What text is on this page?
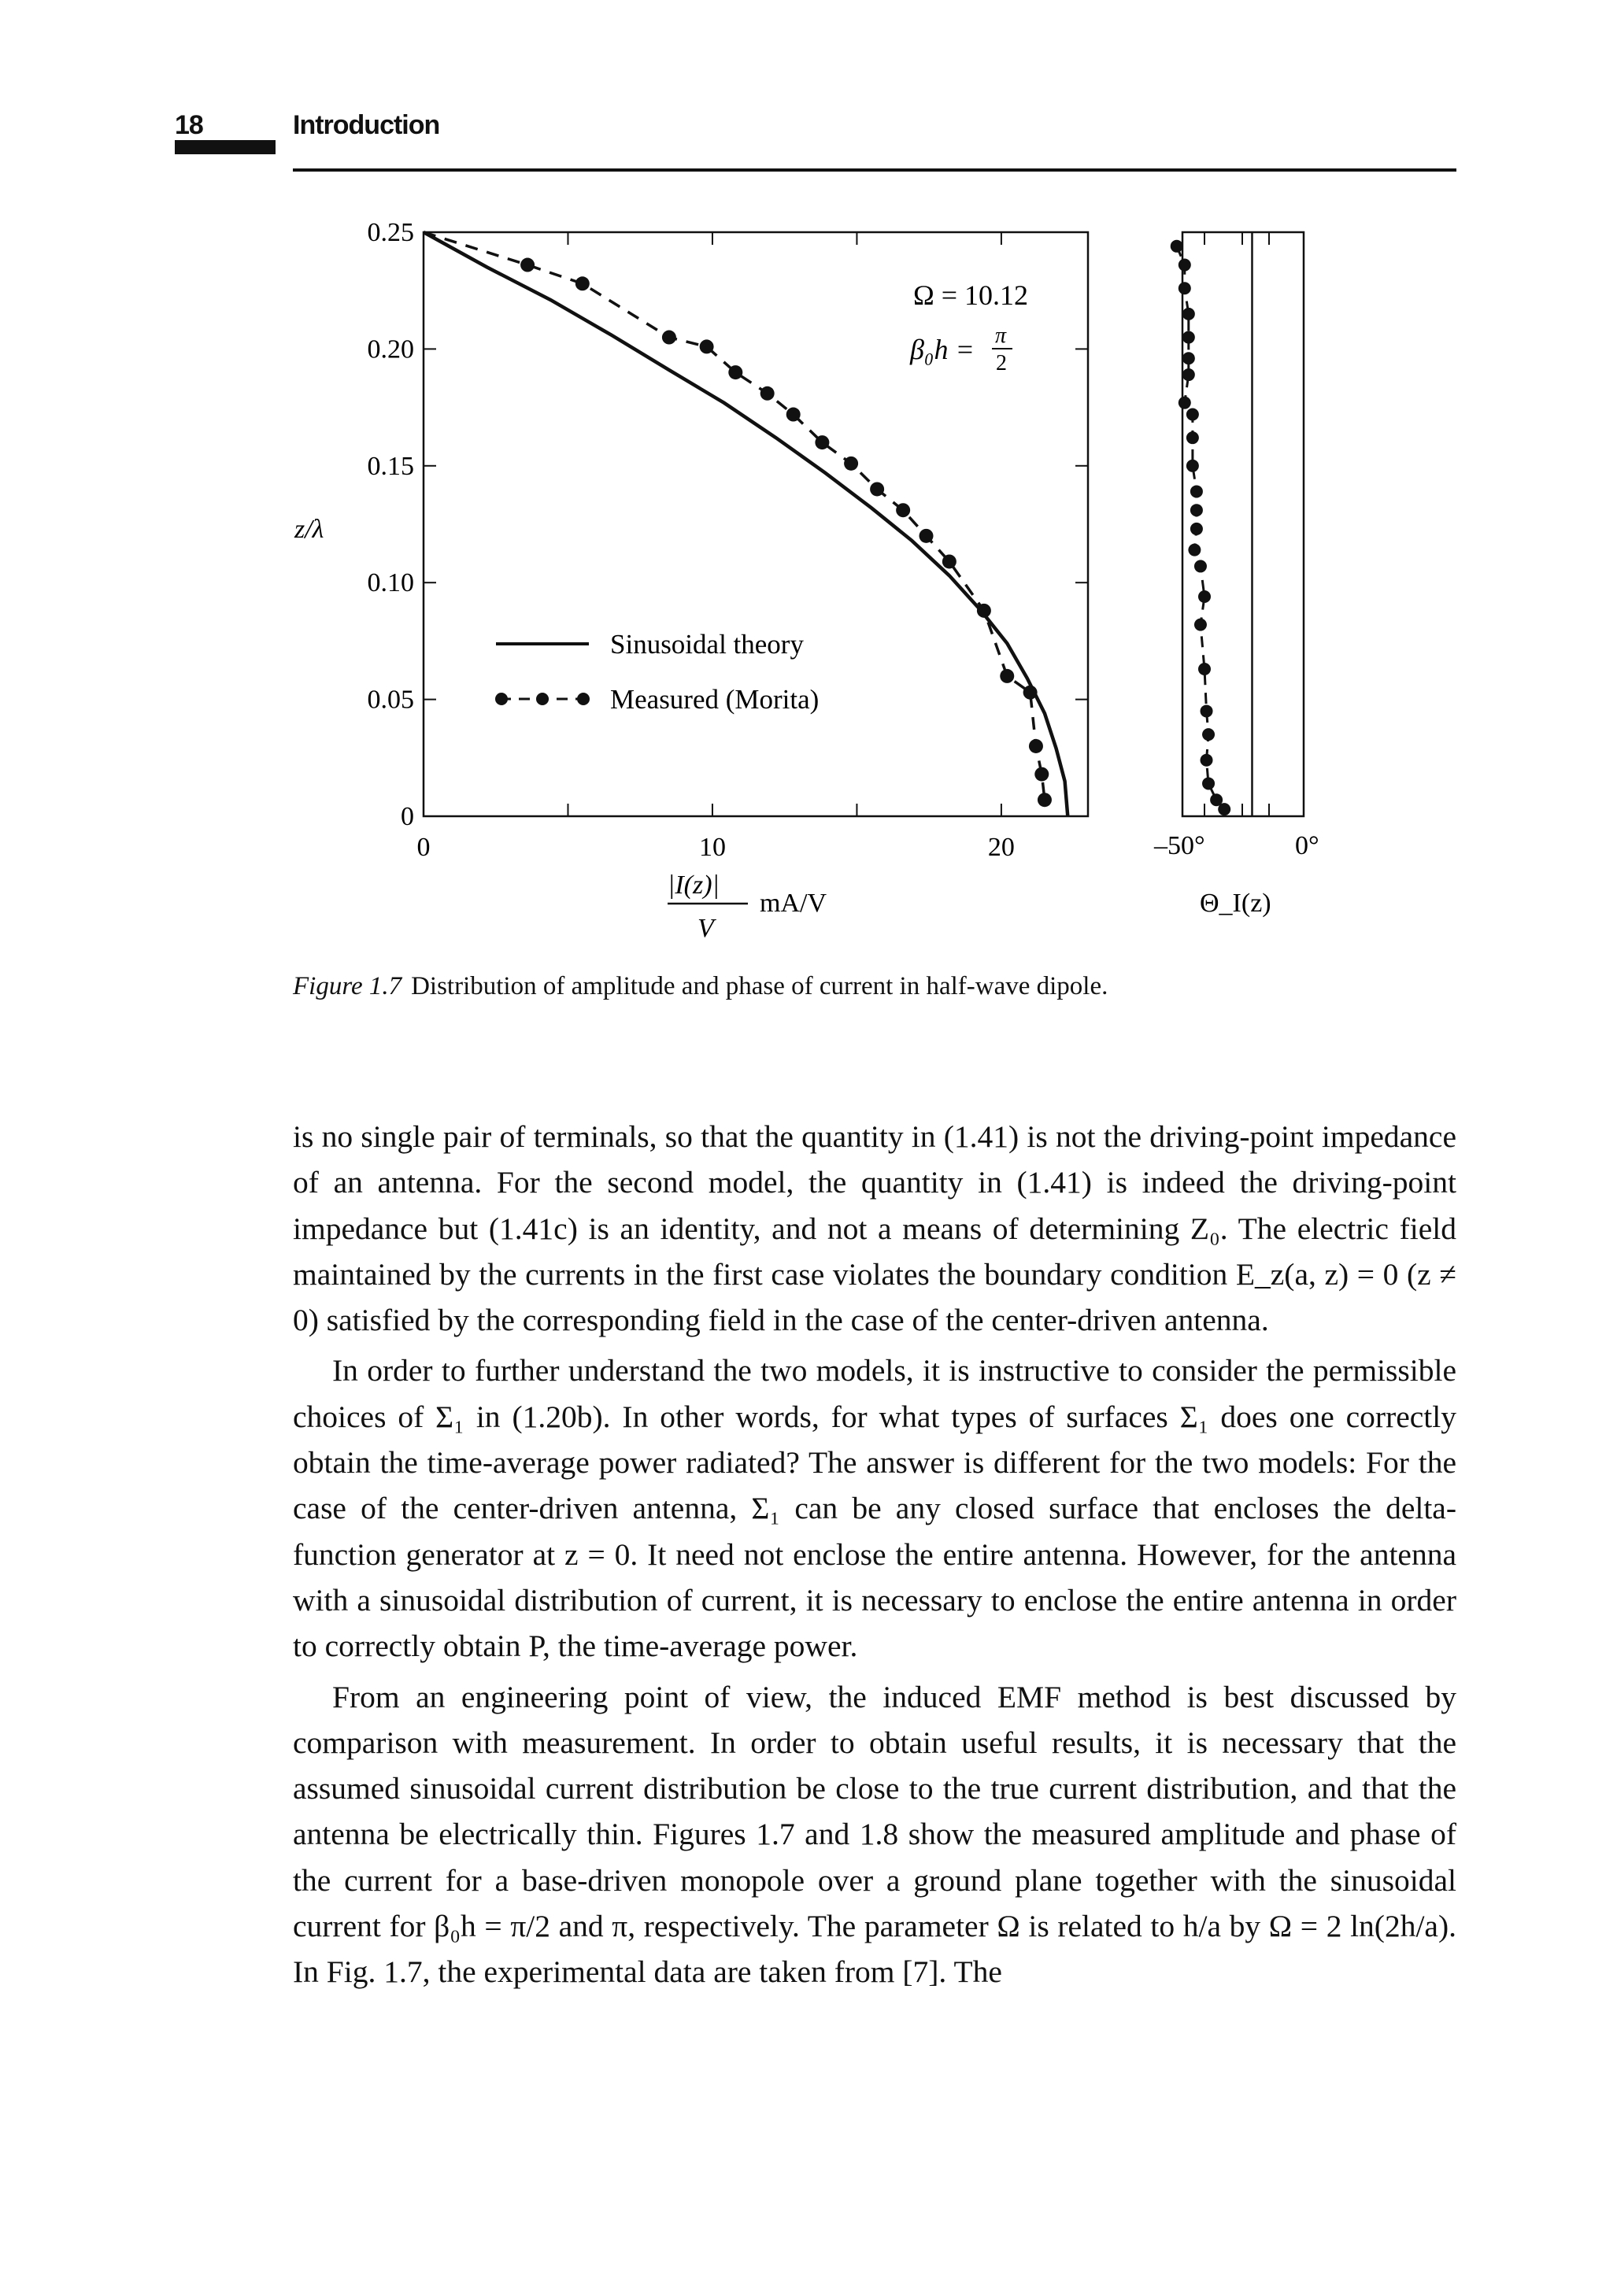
18	Introduction
0
0.05
0.10
0.15
0.20
0.25
0	10	20
z/λ
Ω = 10.12
β₀h = π
2
Sinusoidal theory
Measured (Morita)
|I(z)|
V
mA/V
–50°	0°
Θ_I(z)
Figure 1.7 Distribution of amplitude and phase of current in half-wave dipole.

is no single pair of terminals, so that the quantity in (1.41) is not the driving-point impedance of an antenna. For the second model, the quantity in (1.41) is indeed the driving-point impedance but (1.41c) is an identity, and not a means of determining Z₀. The electric field maintained by the currents in the first case violates the boundary condition E_z(a, z) = 0 (z ≠ 0) satisfied by the corresponding field in the case of the center-driven antenna.

In order to further understand the two models, it is instructive to consider the permissible choices of Σ₁ in (1.20b). In other words, for what types of surfaces Σ₁ does one correctly obtain the time-average power radiated? The answer is different for the two models: For the case of the center-driven antenna, Σ₁ can be any closed surface that encloses the delta-function generator at z = 0. It need not enclose the entire antenna. However, for the antenna with a sinusoidal distribution of current, it is necessary to enclose the entire antenna in order to correctly obtain P, the time-average power.

From an engineering point of view, the induced EMF method is best discussed by comparison with measurement. In order to obtain useful results, it is necessary that the assumed sinusoidal current distribution be close to the true current distribution, and that the antenna be electrically thin. Figures 1.7 and 1.8 show the measured amplitude and phase of the current for a base-driven monopole over a ground plane together with the sinusoidal current for β₀h = π/2 and π, respectively. The parameter Ω is related to h/a by Ω = 2 ln(2h/a). In Fig. 1.7, the experimental data are taken from [7]. The
